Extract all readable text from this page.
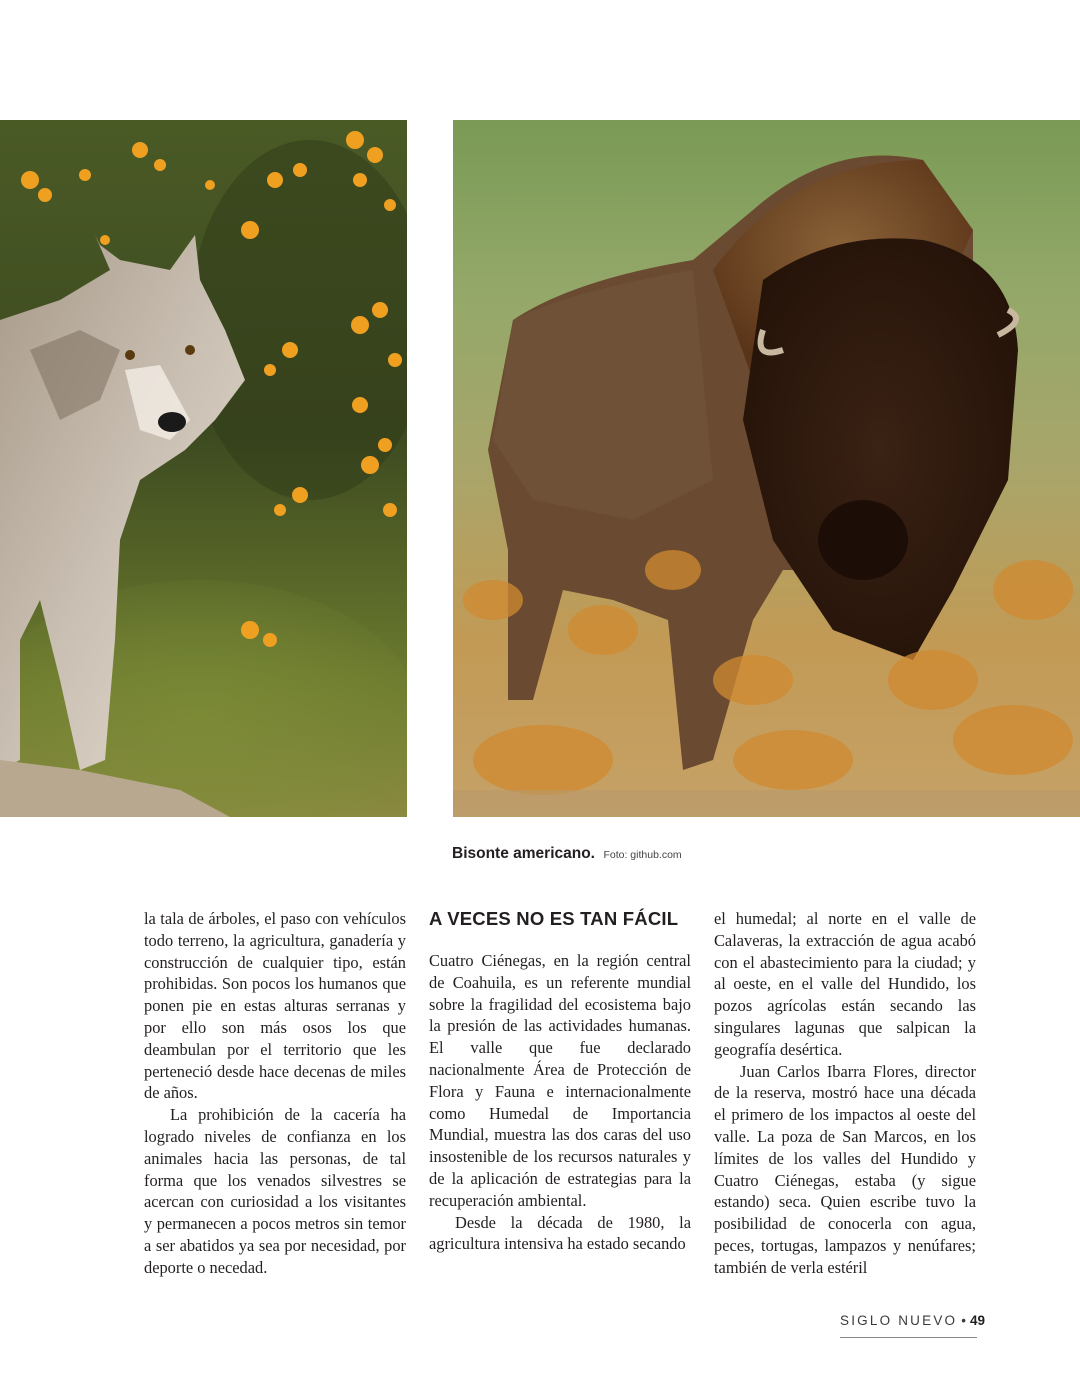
Bisonte americano. Foto: github.com

la tala de árboles, el paso con vehículos todo terreno, la agricultura, ganadería y construcción de cualquier tipo, están prohibidas. Son pocos los humanos que ponen pie en estas alturas serranas y por ello son más osos los que deambulan por el territorio que les perteneció desde hace decenas de miles de años.

La prohibición de la cacería ha logrado niveles de confianza en los animales hacia las personas, de tal forma que los venados silvestres se acercan con curiosidad a los visitantes y permanecen a pocos metros sin temor a ser abatidos ya sea por necesidad, por deporte o necedad.

A VECES NO ES TAN FÁCIL

Cuatro Ciénegas, en la región central de Coahuila, es un referente mundial sobre la fragilidad del ecosistema bajo la presión de las actividades humanas. El valle que fue declarado nacionalmente Área de Protección de Flora y Fauna e internacionalmente como Humedal de Importancia Mundial, muestra las dos caras del uso insostenible de los recursos naturales y de la aplicación de estrategias para la recuperación ambiental.

Desde la década de 1980, la agricultura intensiva ha estado secando

el humedal; al norte en el valle de Calaveras, la extracción de agua acabó con el abastecimiento para la ciudad; y al oeste, en el valle del Hundido, los pozos agrícolas están secando las singulares lagunas que salpican la geografía desértica.

Juan Carlos Ibarra Flores, director de la reserva, mostró hace una década el primero de los impactos al oeste del valle. La poza de San Marcos, en los límites de los valles del Hundido y Cuatro Ciénegas, estaba (y sigue estando) seca. Quien escribe tuvo la posibilidad de conocerla con agua, peces, tortugas, lampazos y nenúfares; también de verla estéril

SIGLO NUEVO • 49
